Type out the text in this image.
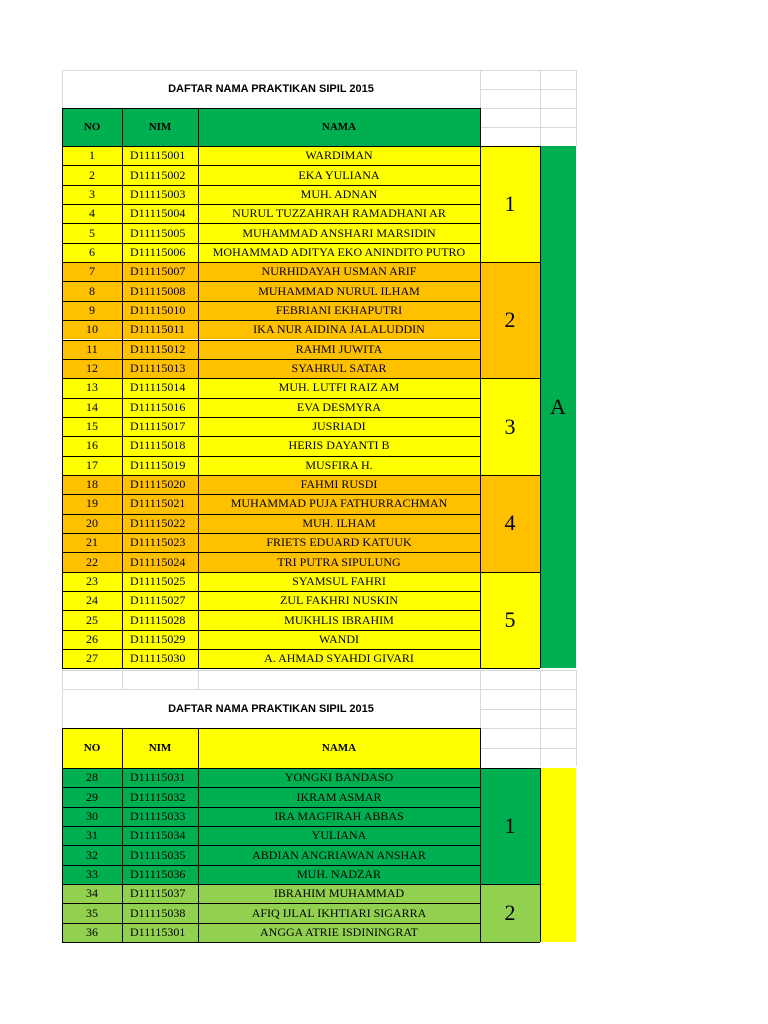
DAFTAR NAMA PRAKTIKAN SIPIL 2015
NO	NIM	NAMA
A
1
1	D11115001	WARDIMAN
2	D11115002	EKA YULIANA
3	D11115003	MUH. ADNAN
4	D11115004	NURUL TUZZAHRAH RAMADHANI AR
5	D11115005	MUHAMMAD ANSHARI MARSIDIN
6	D11115006	MOHAMMAD ADITYA EKO ANINDITO PUTRO
2
7	D11115007	NURHIDAYAH USMAN ARIF
8	D11115008	MUHAMMAD NURUL ILHAM
9	D11115010	FEBRIANI EKHAPUTRI
10	D11115011	IKA NUR AIDINA JALALUDDIN
11	D11115012	RAHMI JUWITA
12	D11115013	SYAHRUL SATAR
3
13	D11115014	MUH. LUTFI RAIZ AM
14	D11115016	EVA DESMYRA
15	D11115017	JUSRIADI
16	D11115018	HERIS DAYANTI B
17	D11115019	MUSFIRA H.
4
18	D11115020	FAHMI RUSDI
19	D11115021	MUHAMMAD PUJA FATHURRACHMAN
20	D11115022	MUH. ILHAM
21	D11115023	FRIETS EDUARD KATUUK
22	D11115024	TRI PUTRA SIPULUNG
5
23	D11115025	SYAMSUL FAHRI
24	D11115027	ZUL FAKHRI NUSKIN
25	D11115028	MUKHLIS IBRAHIM
26	D11115029	WANDI
27	D11115030	A. AHMAD SYAHDI GIVARI
DAFTAR NAMA PRAKTIKAN SIPIL 2015
NO	NIM	NAMA
1
28	D11115031	YONGKI BANDASO
29	D11115032	IKRAM ASMAR
30	D11115033	IRA MAGFIRAH ABBAS
31	D11115034	YULIANA
32	D11115035	ABDIAN ANGRIAWAN ANSHAR
33	D11115036	MUH. NADZAR
2
34	D11115037	IBRAHIM MUHAMMAD
35	D11115038	AFIQ IJLAL IKHTIARI SIGARRA
36	D11115301	ANGGA ATRIE ISDININGRAT
